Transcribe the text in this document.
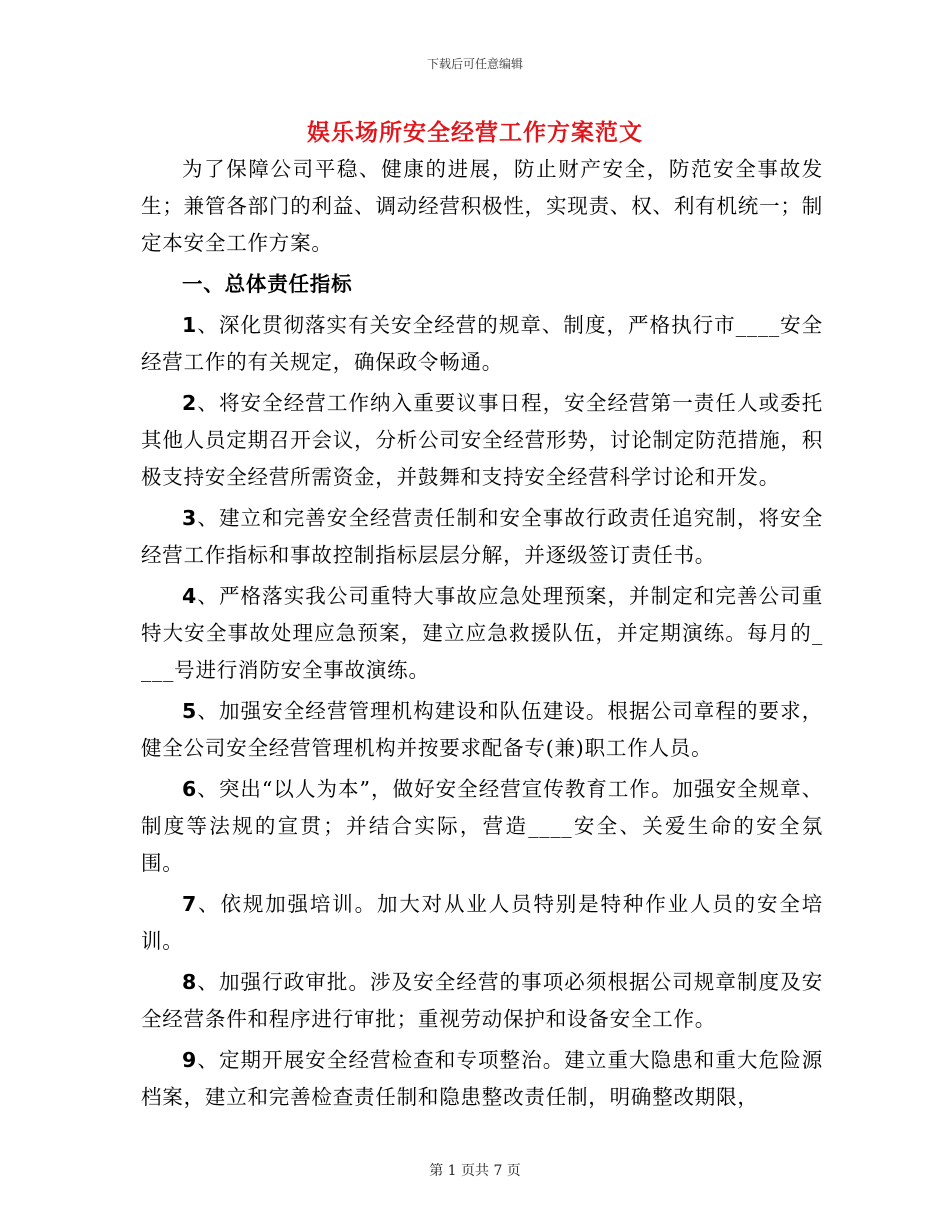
下载后可任意编辑
娱乐场所安全经营工作方案范文

为了保障公司平稳、健康的进展，防止财产安全，防范安全事故发生；兼管各部门的利益、调动经营积极性，实现责、权、利有机统一；制定本安全工作方案。

一、总体责任指标

1、深化贯彻落实有关安全经营的规章、制度，严格执行市____安全经营工作的有关规定，确保政令畅通。

2、将安全经营工作纳入重要议事日程，安全经营第一责任人或委托其他人员定期召开会议，分析公司安全经营形势，讨论制定防范措施，积极支持安全经营所需资金，并鼓舞和支持安全经营科学讨论和开发。

3、建立和完善安全经营责任制和安全事故行政责任追究制，将安全经营工作指标和事故控制指标层层分解，并逐级签订责任书。

4、严格落实我公司重特大事故应急处理预案，并制定和完善公司重特大安全事故处理应急预案，建立应急救援队伍，并定期演练。每月的____号进行消防安全事故演练。

5、加强安全经营管理机构建设和队伍建设。根据公司章程的要求，健全公司安全经营管理机构并按要求配备专(兼)职工作人员。

6、突出“以人为本”，做好安全经营宣传教育工作。加强安全规章、制度等法规的宣贯；并结合实际，营造____安全、关爱生命的安全氛围。

7、依规加强培训。加大对从业人员特别是特种作业人员的安全培训。

8、加强行政审批。涉及安全经营的事项必须根据公司规章制度及安全经营条件和程序进行审批；重视劳动保护和设备安全工作。

9、定期开展安全经营检查和专项整治。建立重大隐患和重大危险源档案，建立和完善检查责任制和隐患整改责任制，明确整改期限，

第 1 页共 7 页
